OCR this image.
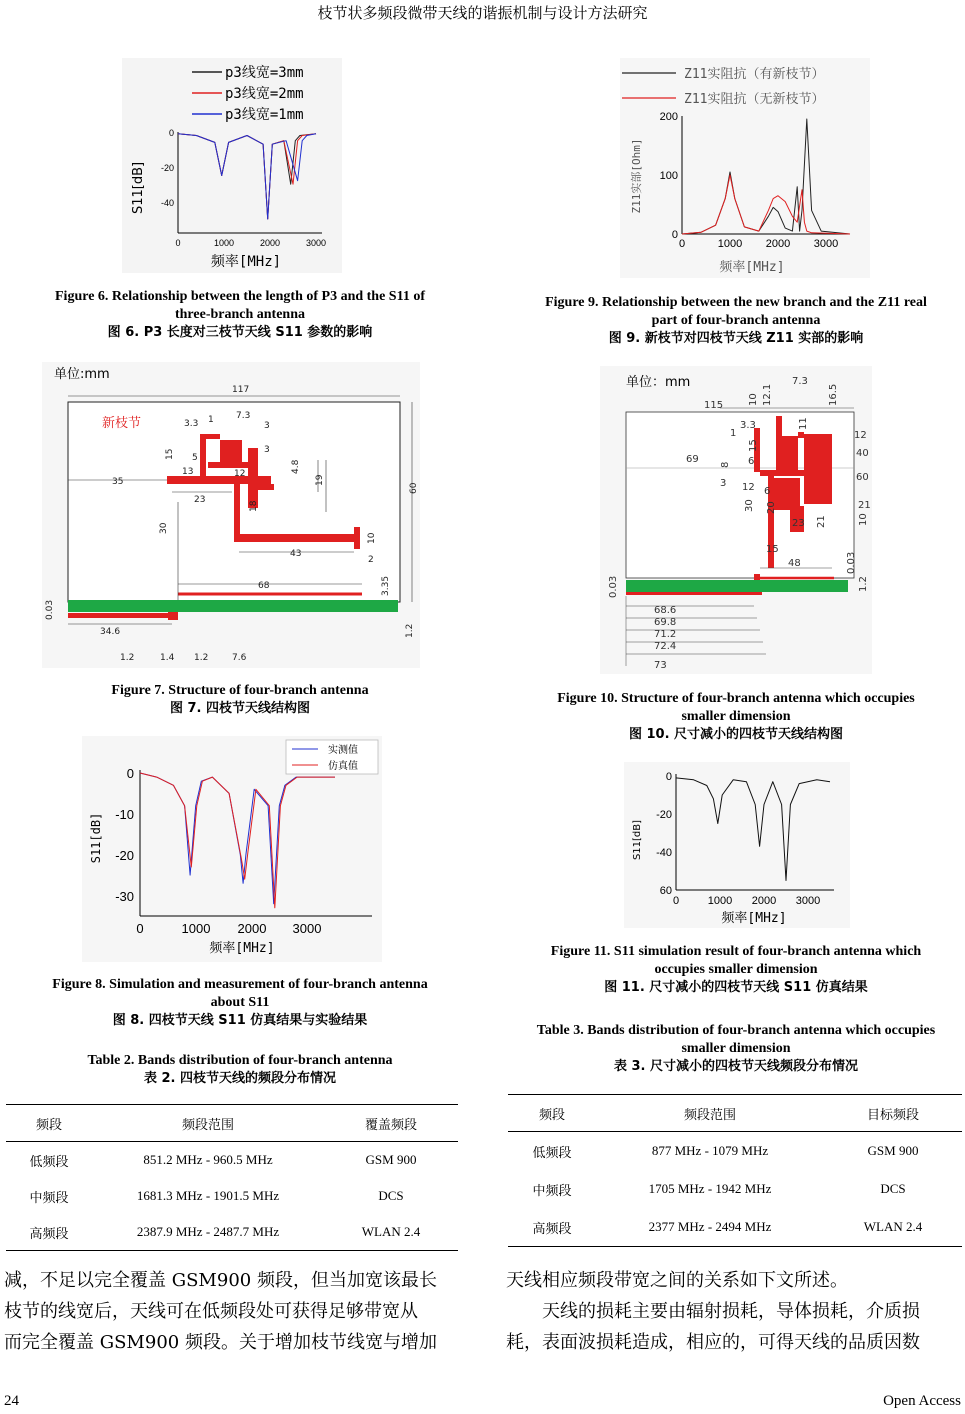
枝节状多频段微带天线的谐振机制与设计方法研究
p3线宽=3mm
p3线宽=2mm
p3线宽=1mm
0
-20
-40
0	1000	2000	3000
S11[dB]
频率[MHz]
Figure 6. Relationship between the length of P3 and the S11 of
three-branch antenna
图 6. P3 长度对三枝节天线 S11 参数的影响
单位:mm
新枝节
117
3.3 1 7.3
3
15 5
13	12
3
4.8
19
35
23
18
60
30
43
10
2
68	3.35
0.03
34.6	1.2
1.2	1.4 1.2	7.6
Figure 7. Structure of four-branch antenna
图 7. 四枝节天线结构图
实测值
仿真值
0
-10
-20
-30
0	1000 2000 3000
S11[dB]
频率[MHz]
Figure 8. Simulation and measurement of four-branch antenna
about S11
图 8. 四枝节天线 S11 仿真结果与实验结果
Table 2. Bands distribution of four-branch antenna
表 2. 四枝节天线的频段分布情况
频段	频段范围	覆盖频段
低频段	851.2 MHz - 960.5 MHz	GSM 900
中频段	1681.3 MHz - 1901.5 MHz	DCS
高频段	2387.9 MHz - 2487.7 MHz	WLAN 2.4
减，不足以完全覆盖 GSM900 频段，但当加宽该最长
枝节的线宽后，天线可在低频段处可获得足够带宽从
而完全覆盖 GSM900 频段。关于增加枝节线宽与增加
Z11实阻抗（有新枝节）
Z11实阻抗（无新枝节）
200
100
0
0	1000 2000 3000
Z11实部[Ohm]
频率[MHz]
Figure 9. Relationship between the new branch and the Z11 real
part of four-branch antenna
图 9. 新枝节对四枝节天线 Z11 实部的影响
单位：mm	7.3
12.1	16.5
115 10
11
3.3
1
15
6
12
69 8
40
60
3 12 6
30 20	21
10
23 21
15
48	0.03
1.2
0.03
68.6
69.8
71.2
72.4
73
Figure 10. Structure of four-branch antenna which occupies
smaller dimension
图 10. 尺寸减小的四枝节天线结构图
0
-20
-40
60
0	1000 2000 3000
S11[dB]
频率[MHz]
Figure 11. S11 simulation result of four-branch antenna which
occupies smaller dimension
图 11. 尺寸减小的四枝节天线 S11 仿真结果
Table 3. Bands distribution of four-branch antenna which occupies
smaller dimension
表 3. 尺寸减小的四枝节天线频段分布情况
频段	频段范围	目标频段
低频段	877 MHz - 1079 MHz	GSM 900
中频段	1705 MHz - 1942 MHz	DCS
高频段	2377 MHz - 2494 MHz	WLAN 2.4
天线相应频段带宽之间的关系如下文所述。
天线的损耗主要由辐射损耗，导体损耗，介质损
耗，表面波损耗造成，相应的，可得天线的品质因数
24	Open Access
